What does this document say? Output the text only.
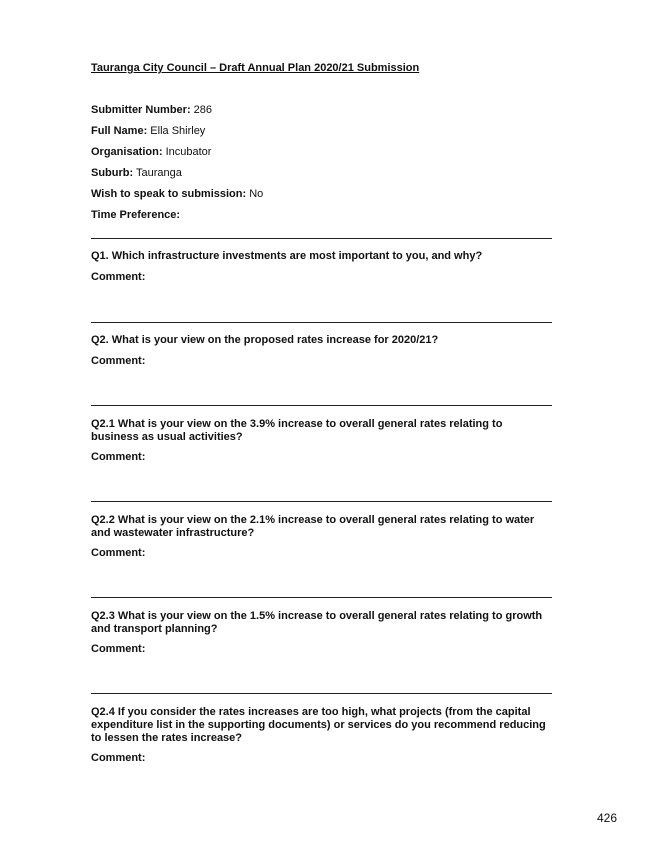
Tauranga City Council – Draft Annual Plan 2020/21 Submission
Submitter Number: 286
Full Name: Ella Shirley
Organisation: Incubator
Suburb: Tauranga
Wish to speak to submission: No
Time Preference:
Q1. Which infrastructure investments are most important to you, and why?
Comment:
Q2. What is your view on the proposed rates increase for 2020/21?
Comment:
Q2.1 What is your view on the 3.9% increase to overall general rates relating to business as usual activities?
Comment:
Q2.2 What is your view on the 2.1% increase to overall general rates relating to water and wastewater infrastructure?
Comment:
Q2.3 What is your view on the 1.5% increase to overall general rates relating to growth and transport planning?
Comment:
Q2.4 If you consider the rates increases are too high, what projects (from the capital expenditure list in the supporting documents) or services do you recommend reducing to lessen the rates increase?
Comment:
426
